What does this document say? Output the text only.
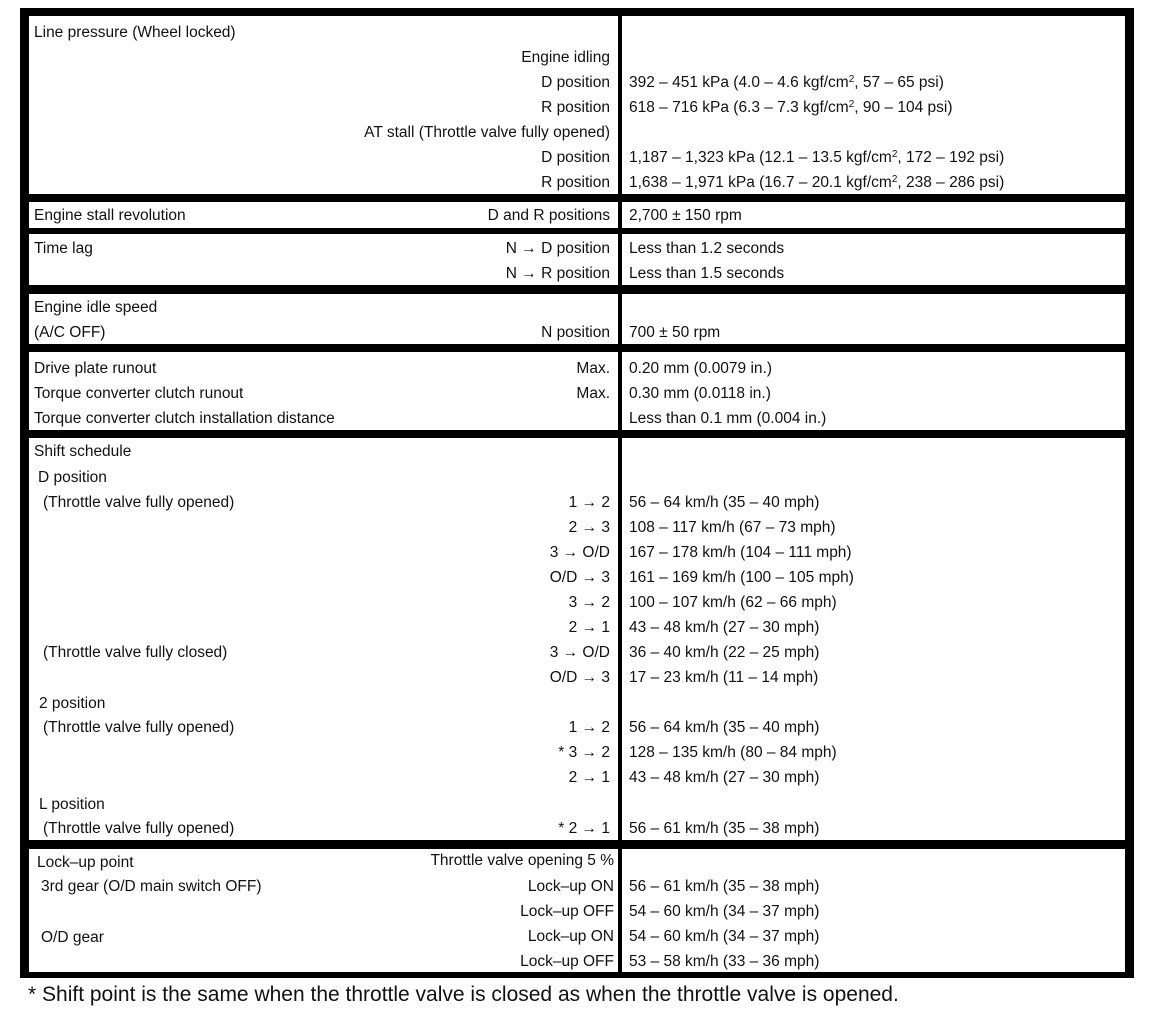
Line pressure (Wheel locked)
Engine idling
D position 392 – 451 kPa (4.0 – 4.6 kgf/$cm^2$, 57 – 65 psi)
R position 618 – 716 kPa (6.3 – 7.3 kgf/$cm^2$, 90 – 104 psi)
AT stall (Throttle valve fully opened)
D position 1,187 – 1,323 kPa (12.1 – 13.5 kgf/$cm^2$, 172 – 192 psi)
R position 1,638 – 1,971 kPa (16.7 – 20.1 kgf/$cm^2$, 238 – 286 psi)
Engine stall revolution	D and R positions 2,700 ± 150 rpm
Time lag	N → D position Less than 1.2 seconds
N → R position Less than 1.5 seconds
Engine idle speed
(A/C OFF)	N position 700 ± 50 rpm
Drive plate runout	Max. 0.20 mm (0.0079 in.)
Torque converter clutch runout	Max. 0.30 mm (0.0118 in.)
Torque converter clutch installation distance	Less than 0.1 mm (0.004 in.)
Shift schedule
D position
(Throttle valve fully opened)	1 → 2 56 – 64 km/h (35 – 40 mph)
2 → 3 108 – 117 km/h (67 – 73 mph)
3 → O/D 167 – 178 km/h (104 – 111 mph)
O/D → 3 161 – 169 km/h (100 – 105 mph)
3 → 2 100 – 107 km/h (62 – 66 mph)
2 → 1 43 – 48 km/h (27 – 30 mph)
(Throttle valve fully closed)	3 → O/D 36 – 40 km/h (22 – 25 mph)
O/D → 3 17 – 23 km/h (11 – 14 mph)
2 position
(Throttle valve fully opened)	1 → 2 56 – 64 km/h (35 – 40 mph)
* 3 → 2 128 – 135 km/h (80 – 84 mph)
2 → 1 43 – 48 km/h (27 – 30 mph)
L position
(Throttle valve fully opened)	* 2 → 1 56 – 61 km/h (35 – 38 mph)
Lock–up point	Throttle valve opening 5 %
3rd gear (O/D main switch OFF)	Lock–up ON 56 – 61 km/h (35 – 38 mph)
Lock–up OFF 54 – 60 km/h (34 – 37 mph)
O/D gear	Lock–up ON 54 – 60 km/h (34 – 37 mph)
Lock–up OFF 53 – 58 km/h (33 – 36 mph)
* Shift point is the same when the throttle valve is closed as when the throttle valve is opened.
